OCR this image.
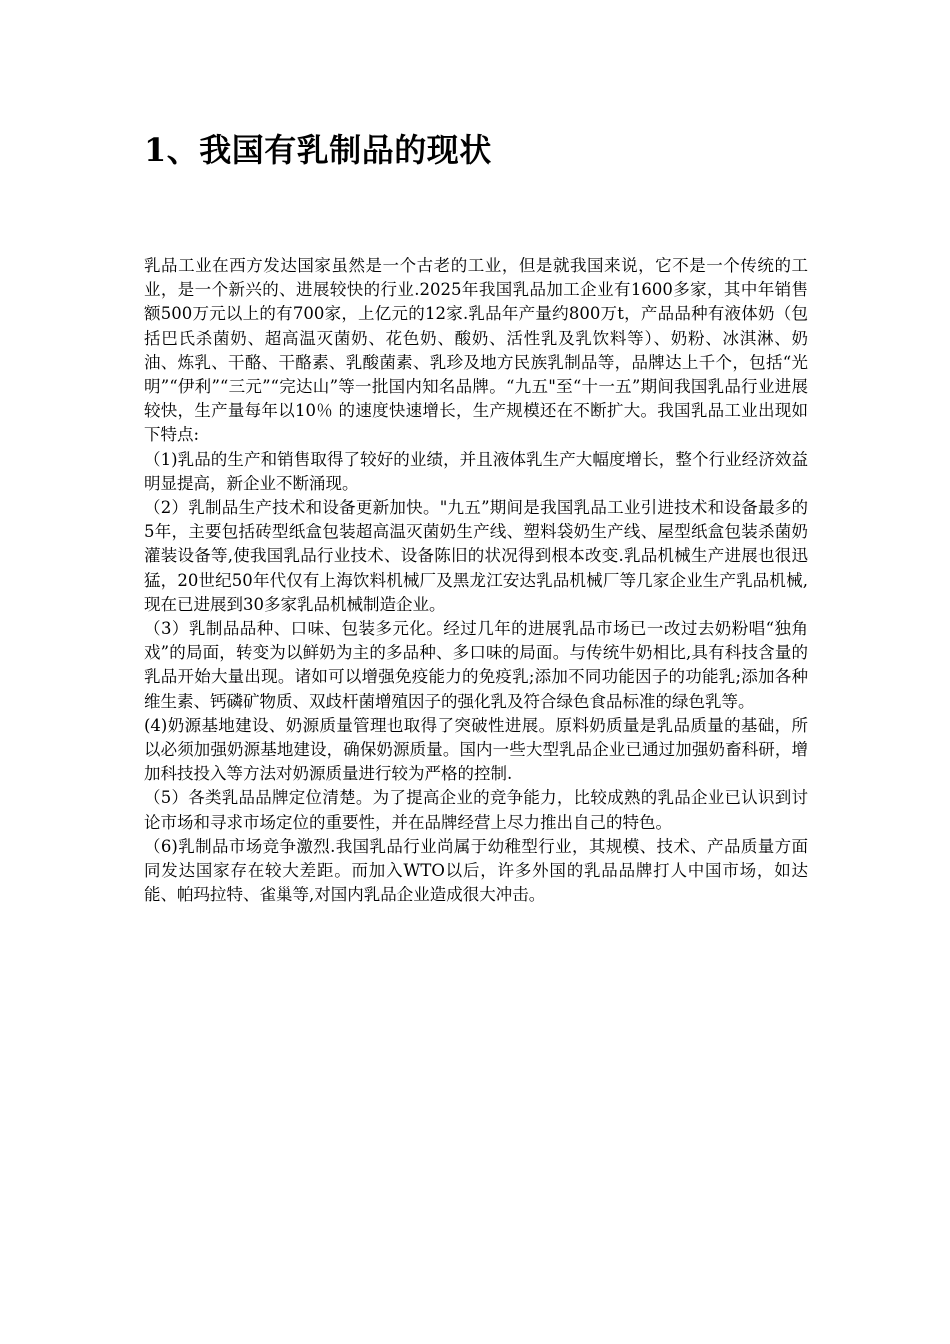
1、我国有乳制品的现状

乳品工业在西方发达国家虽然是一个古老的工业，但是就我国来说，它不是一个传统的工业，是一个新兴的、进展较快的行业.2025年我国乳品加工企业有1600多家，其中年销售额500万元以上的有700家，上亿元的12家.乳品年产量约800万t，产品品种有液体奶（包括巴氏杀菌奶、超高温灭菌奶、花色奶、酸奶、活性乳及乳饮料等）、奶粉、冰淇淋、奶油、炼乳、干酪、干酪素、乳酸菌素、乳珍及地方民族乳制品等，品牌达上千个，包括“光明”“伊利”“三元”“完达山”等一批国内知名品牌。“九五"至“十一五”期间我国乳品行业进展较快，生产量每年以10％ 的速度快速增长，生产规模还在不断扩大。我国乳品工业出现如下特点:

（1)乳品的生产和销售取得了较好的业绩，并且液体乳生产大幅度增长，整个行业经济效益明显提高，新企业不断涌现。

（2）乳制品生产技术和设备更新加快。"九五”期间是我国乳品工业引进技术和设备最多的5年，主要包括砖型纸盒包装超高温灭菌奶生产线、塑料袋奶生产线、屋型纸盒包装杀菌奶灌装设备等,使我国乳品行业技术、设备陈旧的状况得到根本改变.乳品机械生产进展也很迅猛，20世纪50年代仅有上海饮料机械厂及黑龙江安达乳品机械厂等几家企业生产乳品机械,现在已进展到30多家乳品机械制造企业。

（3）乳制品品种、口味、包装多元化。经过几年的进展乳品市场已一改过去奶粉唱“独角戏”的局面，转变为以鲜奶为主的多品种、多口味的局面。与传统牛奶相比,具有科技含量的乳品开始大量出现。诸如可以增强免疫能力的免疫乳;添加不同功能因子的功能乳;添加各种维生素、钙磷矿物质、双歧杆菌增殖因子的强化乳及符合绿色食品标准的绿色乳等。

(4)奶源基地建设、奶源质量管理也取得了突破性进展。原料奶质量是乳品质量的基础，所以必须加强奶源基地建设，确保奶源质量。国内一些大型乳品企业已通过加强奶畜科研，增加科技投入等方法对奶源质量进行较为严格的控制.

（5）各类乳品品牌定位清楚。为了提高企业的竞争能力，比较成熟的乳品企业已认识到讨论市场和寻求市场定位的重要性，并在品牌经营上尽力推出自己的特色。

（6)乳制品市场竞争激烈.我国乳品行业尚属于幼稚型行业，其规模、技术、产品质量方面同发达国家存在较大差距。而加入WTO以后，许多外国的乳品品牌打人中国市场，如达能、帕玛拉特、雀巢等,对国内乳品企业造成很大冲击。
